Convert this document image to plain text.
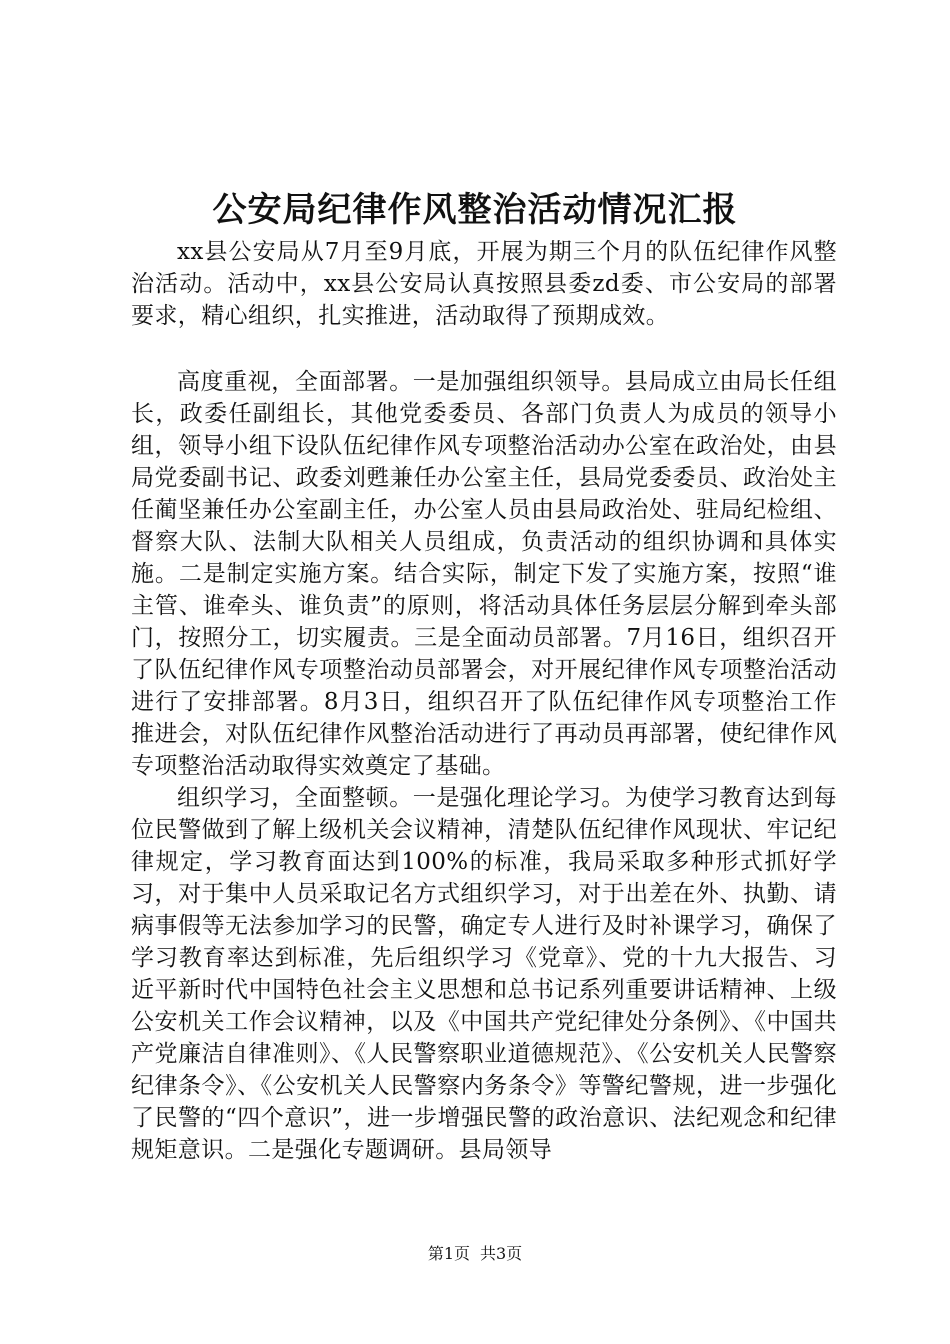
公安局纪律作风整治活动情况汇报

xx县公安局从7月至9月底，开展为期三个月的队伍纪律作风整治活动。活动中，xx县公安局认真按照县委zd委、市公安局的部署要求，精心组织，扎实推进，活动取得了预期成效。

高度重视，全面部署。一是加强组织领导。县局成立由局长任组长，政委任副组长，其他党委委员、各部门负责人为成员的领导小组，领导小组下设队伍纪律作风专项整治活动办公室在政治处，由县局党委副书记、政委刘甦兼任办公室主任，县局党委委员、政治处主任蔺坚兼任办公室副主任，办公室人员由县局政治处、驻局纪检组、督察大队、法制大队相关人员组成，负责活动的组织协调和具体实施。二是制定实施方案。结合实际，制定下发了实施方案，按照“谁主管、谁牵头、谁负责”的原则，将活动具体任务层层分解到牵头部门，按照分工，切实履责。三是全面动员部署。7月16日，组织召开了队伍纪律作风专项整治动员部署会，对开展纪律作风专项整治活动进行了安排部署。8月3日，组织召开了队伍纪律作风专项整治工作推进会，对队伍纪律作风整治活动进行了再动员再部署，使纪律作风专项整治活动取得实效奠定了基础。

组织学习，全面整顿。一是强化理论学习。为使学习教育达到每位民警做到了解上级机关会议精神，清楚队伍纪律作风现状、牢记纪律规定，学习教育面达到100%的标准，我局采取多种形式抓好学习，对于集中人员采取记名方式组织学习，对于出差在外、执勤、请病事假等无法参加学习的民警，确定专人进行及时补课学习，确保了学习教育率达到标准，先后组织学习《党章》、党的十九大报告、习近平新时代中国特色社会主义思想和总书记系列重要讲话精神、上级公安机关工作会议精神，以及《中国共产党纪律处分条例》、《中国共产党廉洁自律准则》、《人民警察职业道德规范》、《公安机关人民警察纪律条令》、《公安机关人民警察内务条令》等警纪警规，进一步强化了民警的“四个意识”，进一步增强民警的政治意识、法纪观念和纪律规矩意识。二是强化专题调研。县局领导

第1页 共3页
